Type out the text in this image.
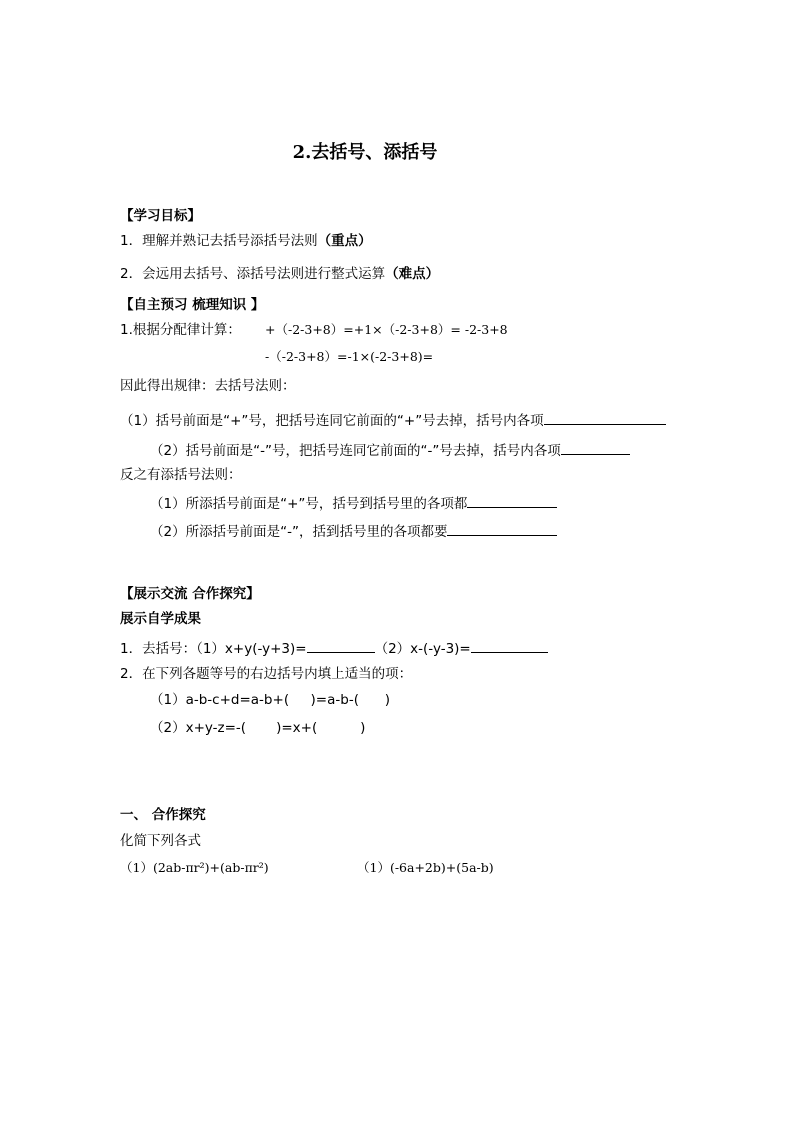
2.去括号、添括号
【学习目标】
1．理解并熟记去括号添括号法则（重点）
2．会远用去括号、添括号法则进行整式运算（难点）
【自主预习 梳理知识 】
1.根据分配律计算： +（-2-3+8）=+1×（-2-3+8）= -2-3+8
-（-2-3+8）=-1×(-2-3+8)=
因此得出规律：去括号法则：
（1）括号前面是“+”号，把括号连同它前面的“+”号去掉，括号内各项
（2）括号前面是“-”号，把括号连同它前面的“-”号去掉，括号内各项
反之有添括号法则：
（1）所添括号前面是“+”号，括号到括号里的各项都
（2）所添括号前面是“-”，括到括号里的各项都要
【展示交流 合作探究】
展示自学成果
1．去括号：（1）x+y(-y+3)=	（2）x-(-y-3)=
2．在下列各题等号的右边括号内填上适当的项：
（1）a-b-c+d=a-b+(     )=a-b-(      )
（2）x+y-z=-(       )=x+(          )
一、 合作探究
化简下列各式
（1）(2ab-πr²)+(ab-πr²)	（1）(-6a+2b)+(5a-b)
